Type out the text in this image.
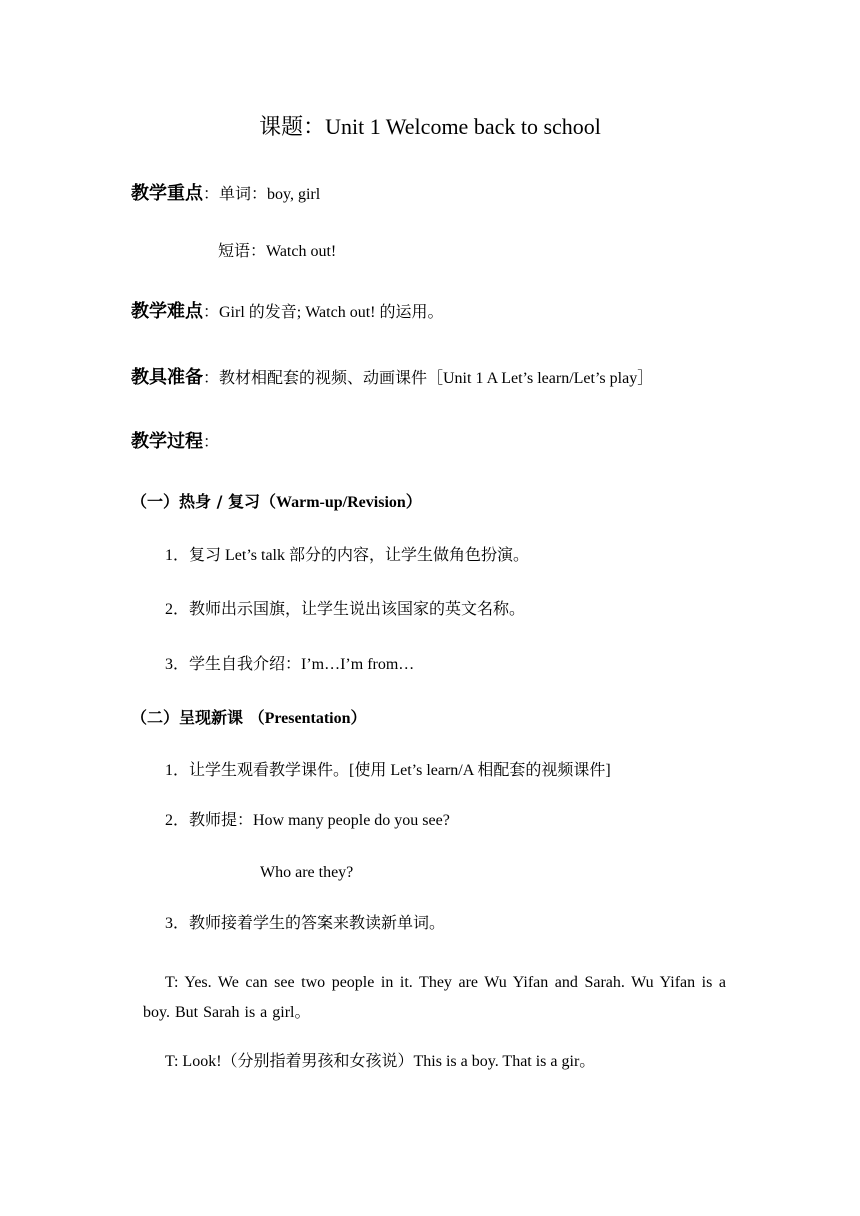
课题：Unit 1 Welcome back to school
教学重点：单词：boy, girl
短语：Watch out!
教学难点：Girl 的发音; Watch out! 的运用。
教具准备：教材相配套的视频、动画课件［Unit 1 A Let’s learn/Let’s play］
教学过程：
（一）热身 / 复习（Warm-up/Revision）
1．复习 Let’s talk 部分的内容，让学生做角色扮演。
2．教师出示国旗，让学生说出该国家的英文名称。
3．学生自我介绍：I’m…I’m from…
（二）呈现新课 （Presentation）
1．让学生观看教学课件。[使用 Let’s learn/A 相配套的视频课件]
2．教师提：How many people do you see?
Who are they?
3．教师接着学生的答案来教读新单词。
T: Yes. We can see two people in it. They are Wu Yifan and Sarah. Wu Yifan is a boy. But Sarah is a girl。
T: Look!（分别指着男孩和女孩说）This is a boy. That is a gir。
